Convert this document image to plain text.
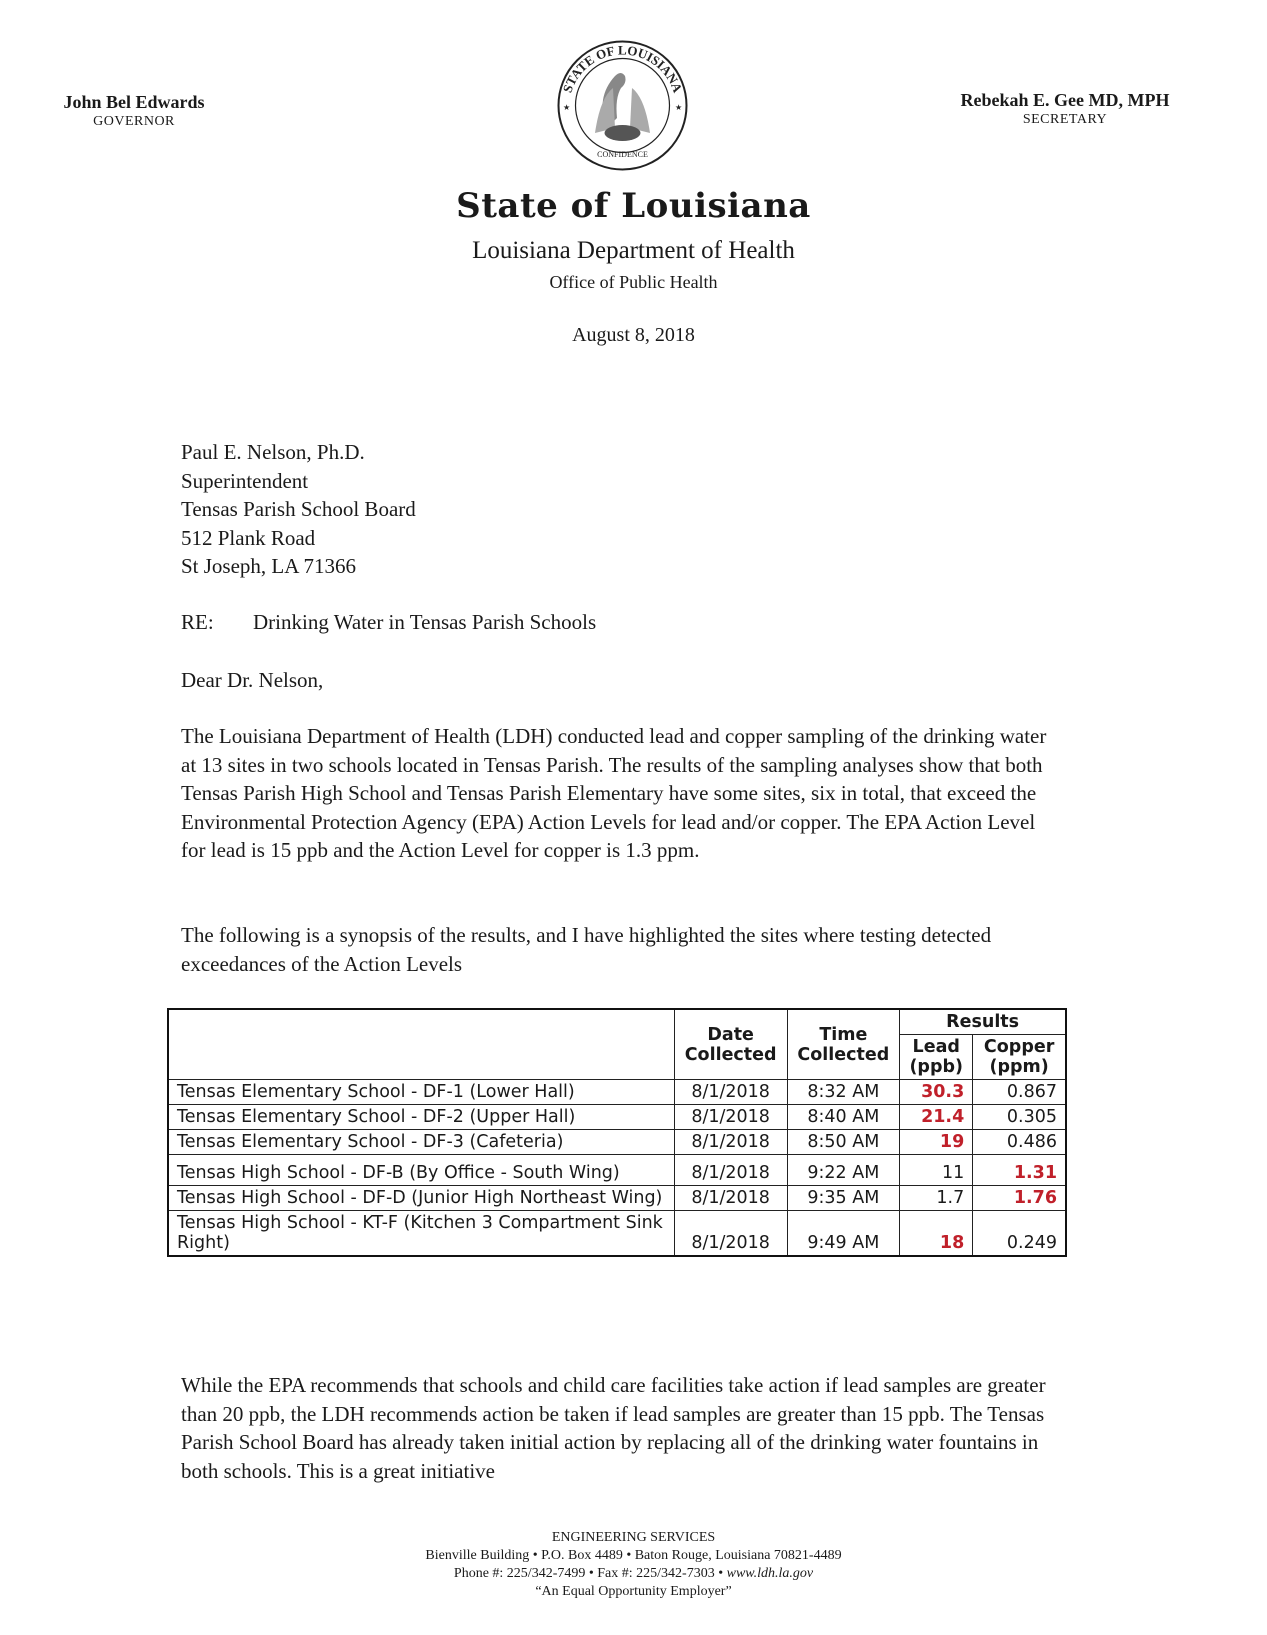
John Bel Edwards
GOVERNOR
STATE OF LOUISIANA
CONFIDENCE
★	★	Rebekah E. Gee MD, MPH
SECRETARY
State of Louisiana
Louisiana Department of Health
Office of Public Health
August 8, 2018
Paul E. Nelson, Ph.D.
Superintendent
Tensas Parish School Board
512 Plank Road
St Joseph, LA 71366
RE: Drinking Water in Tensas Parish Schools
Dear Dr. Nelson,
The Louisiana Department of Health (LDH) conducted lead and copper sampling of the drinking water at 13 sites in two schools located in Tensas Parish. The results of the sampling analyses show that both Tensas Parish High School and Tensas Parish Elementary have some sites, six in total, that exceed the Environmental Protection Agency (EPA) Action Levels for lead and/or copper. The EPA Action Level for lead is 15 ppb and the Action Level for copper is 1.3 ppm.
The following is a synopsis of the results, and I have highlighted the sites where testing detected exceedances of the Action Levels
	Date Collected	Time Collected	Results	
			Lead (ppb)	Copper (ppm)
Tensas Elementary School - DF-1 (Lower Hall)	8/1/2018	8:32 AM	30.3	0.867
Tensas Elementary School - DF-2 (Upper Hall)	8/1/2018	8:40 AM	21.4	0.305
Tensas Elementary School - DF-3 (Cafeteria)	8/1/2018	8:50 AM	19	0.486
Tensas High School - DF-B (By Office - South Wing)	8/1/2018	9:22 AM	11	1.31
Tensas High School - DF-D (Junior High Northeast Wing)	8/1/2018	9:35 AM	1.7	1.76
Tensas High School - KT-F (Kitchen 3 Compartment Sink Right)	8/1/2018	9:49 AM	18	0.249
While the EPA recommends that schools and child care facilities take action if lead samples are greater than 20 ppb, the LDH recommends action be taken if lead samples are greater than 15 ppb. The Tensas Parish School Board has already taken initial action by replacing all of the drinking water fountains in both schools. This is a great initiative
ENGINEERING SERVICES
Bienville Building • P.O. Box 4489 • Baton Rouge, Louisiana 70821-4489
Phone #: 225/342-7499 • Fax #: 225/342-7303 • www.ldh.la.gov
“An Equal Opportunity Employer”
